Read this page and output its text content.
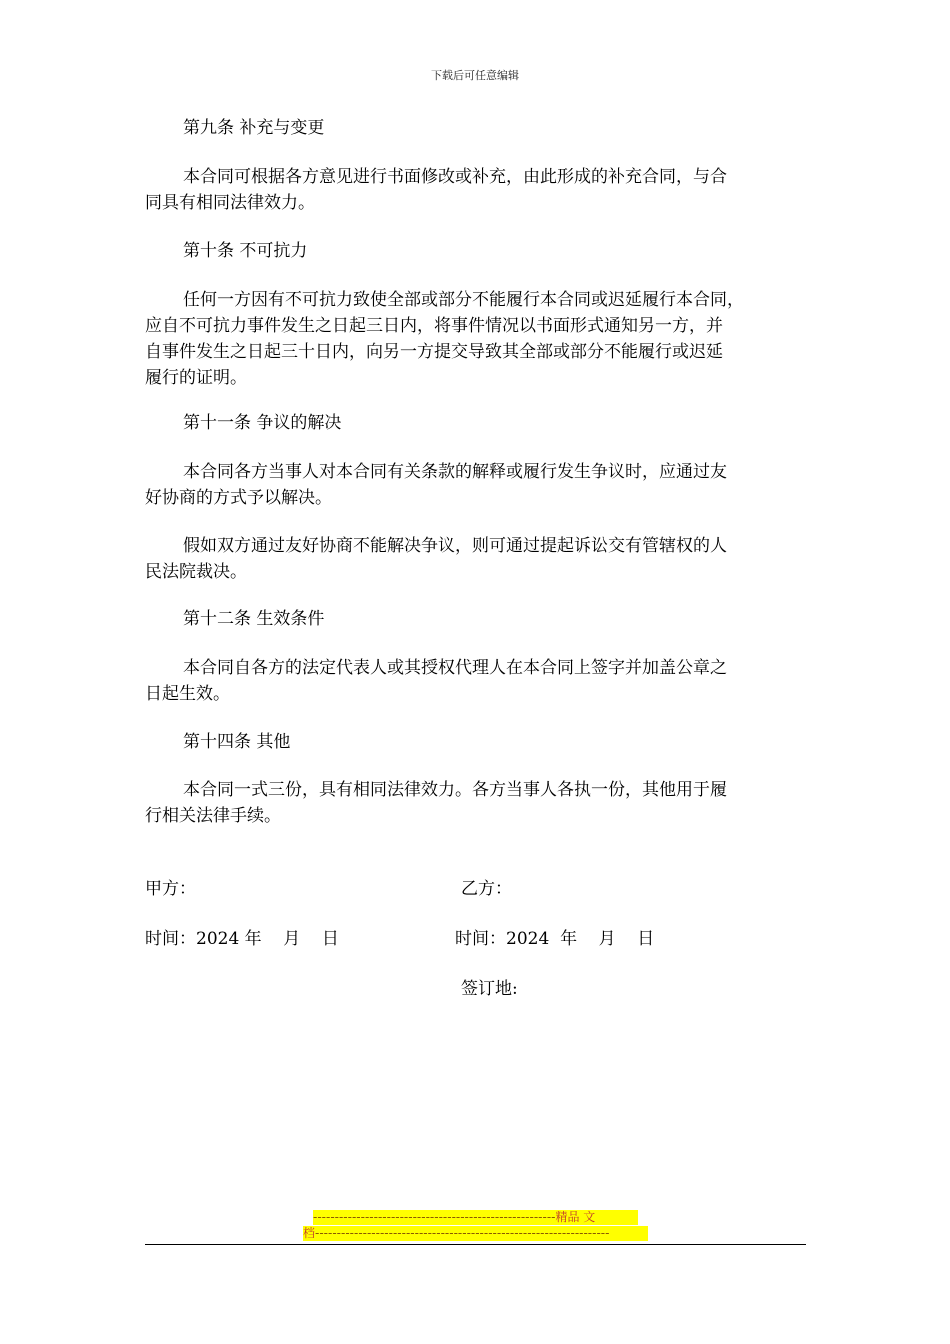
下载后可任意编辑
第九条 补充与变更
本合同可根据各方意见进行书面修改或补充，由此形成的补充合同，与合
同具有相同法律效力。
第十条 不可抗力
任何一方因有不可抗力致使全部或部分不能履行本合同或迟延履行本合同，
应自不可抗力事件发生之日起三日内，将事件情况以书面形式通知另一方，并
自事件发生之日起三十日内，向另一方提交导致其全部或部分不能履行或迟延
履行的证明。
第十一条 争议的解决
本合同各方当事人对本合同有关条款的解释或履行发生争议时，应通过友
好协商的方式予以解决。
假如双方通过友好协商不能解决争议，则可通过提起诉讼交有管辖权的人
民法院裁决。
第十二条 生效条件
本合同自各方的法定代表人或其授权代理人在本合同上签字并加盖公章之
日起生效。
第十四条 其他
本合同一式三份，具有相同法律效力。各方当事人各执一份，其他用于履
行相关法律手续。
甲方：	乙方：
时间：2024 年    月    日	时间：2024  年    月    日
签订地:
--------------------------------------------------------精品 文
档--------------------------------------------------------------------
